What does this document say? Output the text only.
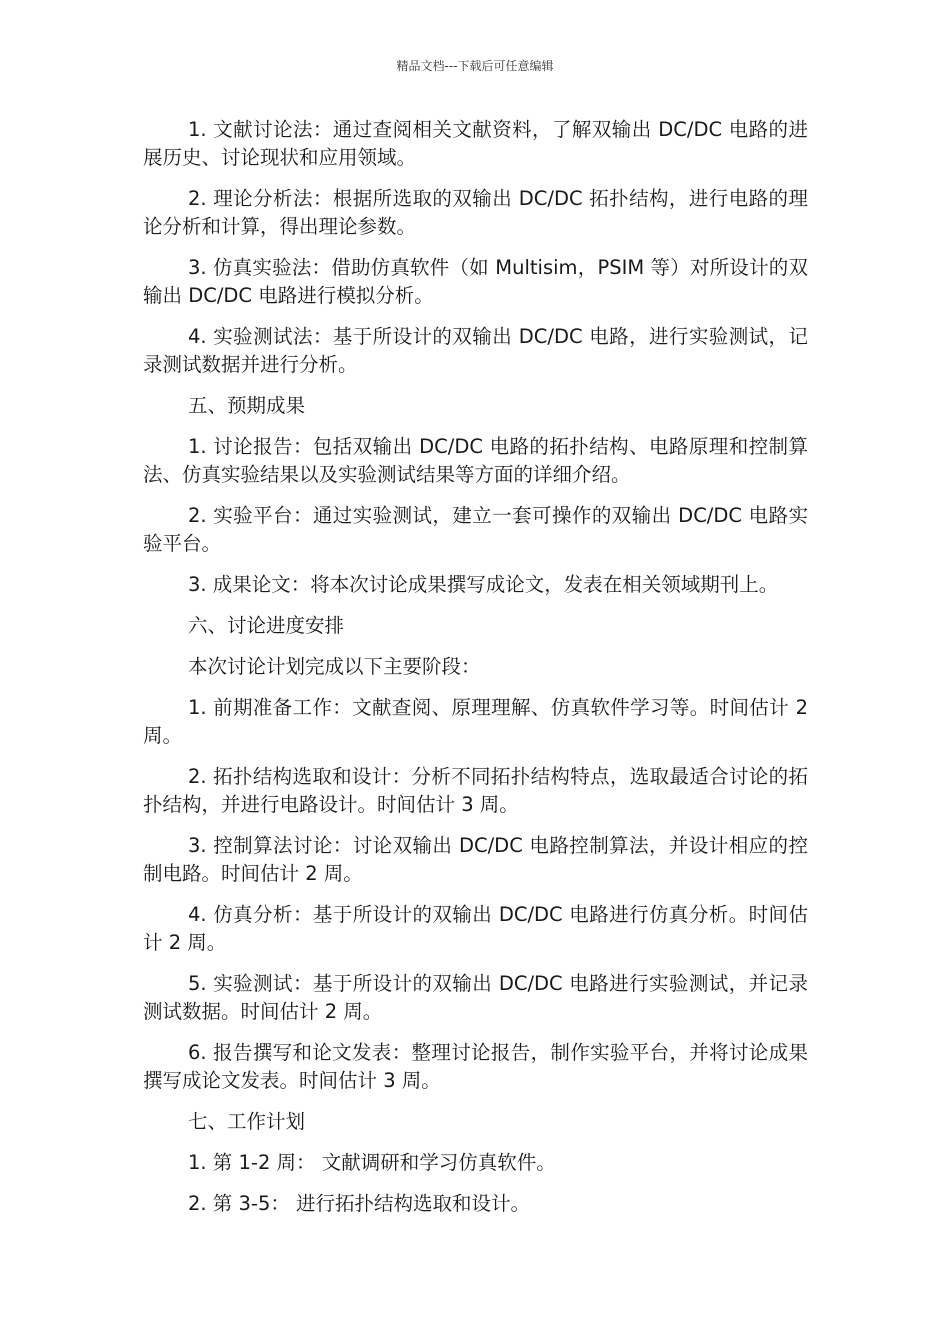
精品文档---下载后可任意编辑

1. 文献讨论法：通过查阅相关文献资料，了解双输出 DC/DC 电路的进展历史、讨论现状和应用领域。

2. 理论分析法：根据所选取的双输出 DC/DC 拓扑结构，进行电路的理论分析和计算，得出理论参数。

3. 仿真实验法：借助仿真软件（如 Multisim，PSIM 等）对所设计的双输出 DC/DC 电路进行模拟分析。

4. 实验测试法：基于所设计的双输出 DC/DC 电路，进行实验测试，记录测试数据并进行分析。

五、预期成果

1. 讨论报告：包括双输出 DC/DC 电路的拓扑结构、电路原理和控制算法、仿真实验结果以及实验测试结果等方面的详细介绍。

2. 实验平台：通过实验测试，建立一套可操作的双输出 DC/DC 电路实验平台。

3. 成果论文：将本次讨论成果撰写成论文，发表在相关领域期刊上。

六、讨论进度安排

本次讨论计划完成以下主要阶段：

1. 前期准备工作：文献查阅、原理理解、仿真软件学习等。时间估计 2 周。

2. 拓扑结构选取和设计：分析不同拓扑结构特点，选取最适合讨论的拓扑结构，并进行电路设计。时间估计 3 周。

3. 控制算法讨论：讨论双输出 DC/DC 电路控制算法，并设计相应的控制电路。时间估计 2 周。

4. 仿真分析：基于所设计的双输出 DC/DC 电路进行仿真分析。时间估计 2 周。

5. 实验测试：基于所设计的双输出 DC/DC 电路进行实验测试，并记录测试数据。时间估计 2 周。

6. 报告撰写和论文发表：整理讨论报告，制作实验平台，并将讨论成果撰写成论文发表。时间估计 3 周。

七、工作计划

1. 第 1-2 周： 文献调研和学习仿真软件。

2. 第 3-5： 进行拓扑结构选取和设计。
